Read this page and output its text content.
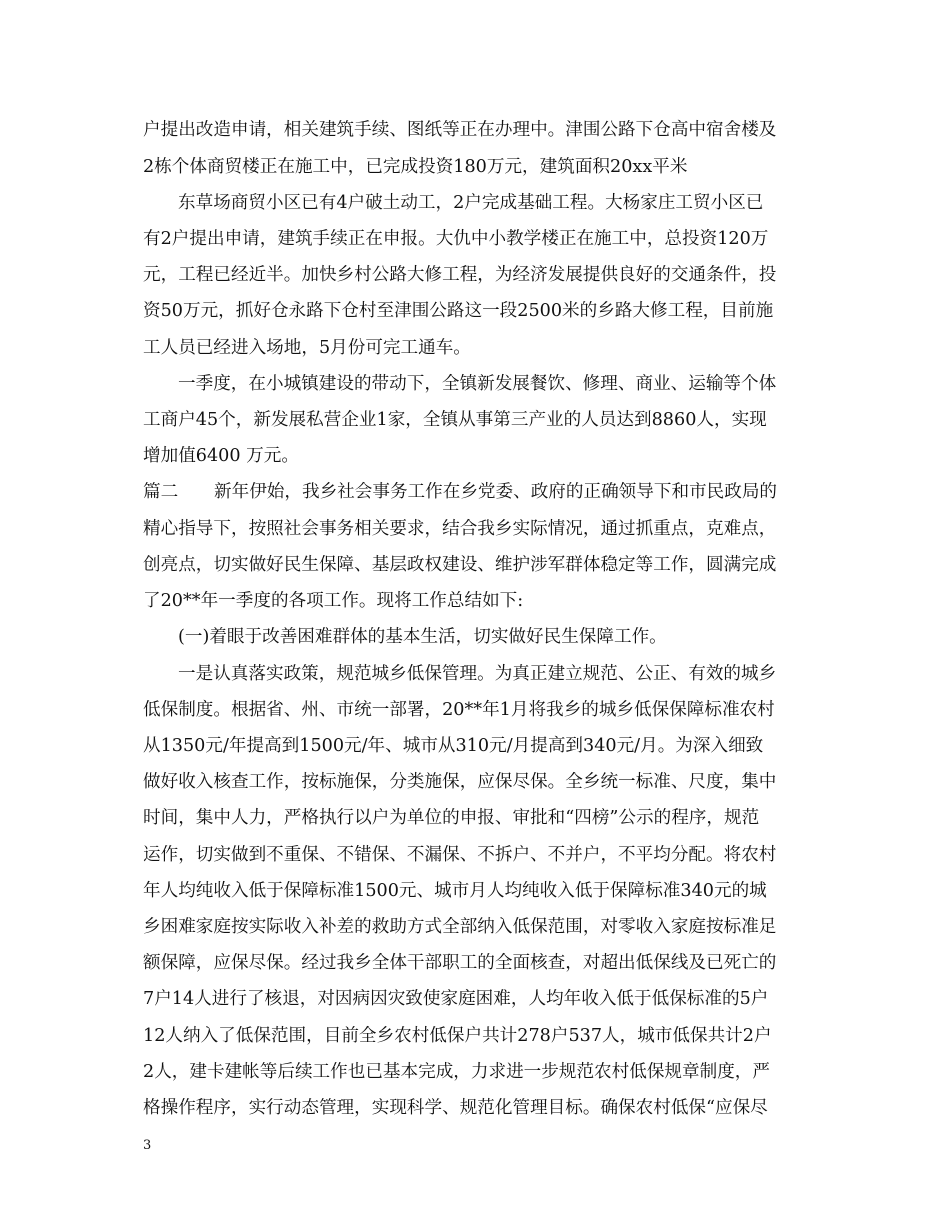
户提出改造申请，相关建筑手续、图纸等正在办理中。津围公路下仓高中宿舍楼及
2栋个体商贸楼正在施工中，已完成投资180万元，建筑面积20xx平米
东草场商贸小区已有4户破土动工，2户完成基础工程。大杨家庄工贸小区已
有2户提出申请，建筑手续正在申报。大仇中小教学楼正在施工中，总投资120万
元，工程已经近半。加快乡村公路大修工程，为经济发展提供良好的交通条件，投
资50万元，抓好仓永路下仓村至津围公路这一段2500米的乡路大修工程，目前施
工人员已经进入场地，5月份可完工通车。
一季度，在小城镇建设的带动下，全镇新发展餐饮、修理、商业、运输等个体
工商户45个，新发展私营企业1家，全镇从事第三产业的人员达到8860人，实现
增加值6400 万元。
篇二 新年伊始，我乡社会事务工作在乡党委、政府的正确领导下和市民政局的
精心指导下，按照社会事务相关要求，结合我乡实际情况，通过抓重点，克难点，
创亮点，切实做好民生保障、基层政权建设、维护涉军群体稳定等工作，圆满完成
了20**年一季度的各项工作。现将工作总结如下:
(一)着眼于改善困难群体的基本生活，切实做好民生保障工作。
一是认真落实政策，规范城乡低保管理。为真正建立规范、公正、有效的城乡
低保制度。根据省、州、市统一部署，20**年1月将我乡的城乡低保保障标准农村
从1350元/年提高到1500元/年、城市从310元/月提高到340元/月。为深入细致
做好收入核查工作，按标施保，分类施保，应保尽保。全乡统一标准、尺度，集中
时间，集中人力，严格执行以户为单位的申报、审批和“四榜”公示的程序，规范
运作，切实做到不重保、不错保、不漏保、不拆户、不并户，不平均分配。将农村
年人均纯收入低于保障标准1500元、城市月人均纯收入低于保障标准340元的城
乡困难家庭按实际收入补差的救助方式全部纳入低保范围，对零收入家庭按标准足
额保障，应保尽保。经过我乡全体干部职工的全面核查，对超出低保线及已死亡的
7户14人进行了核退，对因病因灾致使家庭困难，人均年收入低于低保标准的5户
12人纳入了低保范围，目前全乡农村低保户共计278户537人，城市低保共计2户
2人，建卡建帐等后续工作也已基本完成，力求进一步规范农村低保规章制度，严
格操作程序，实行动态管理，实现科学、规范化管理目标。确保农村低保“应保尽
3
